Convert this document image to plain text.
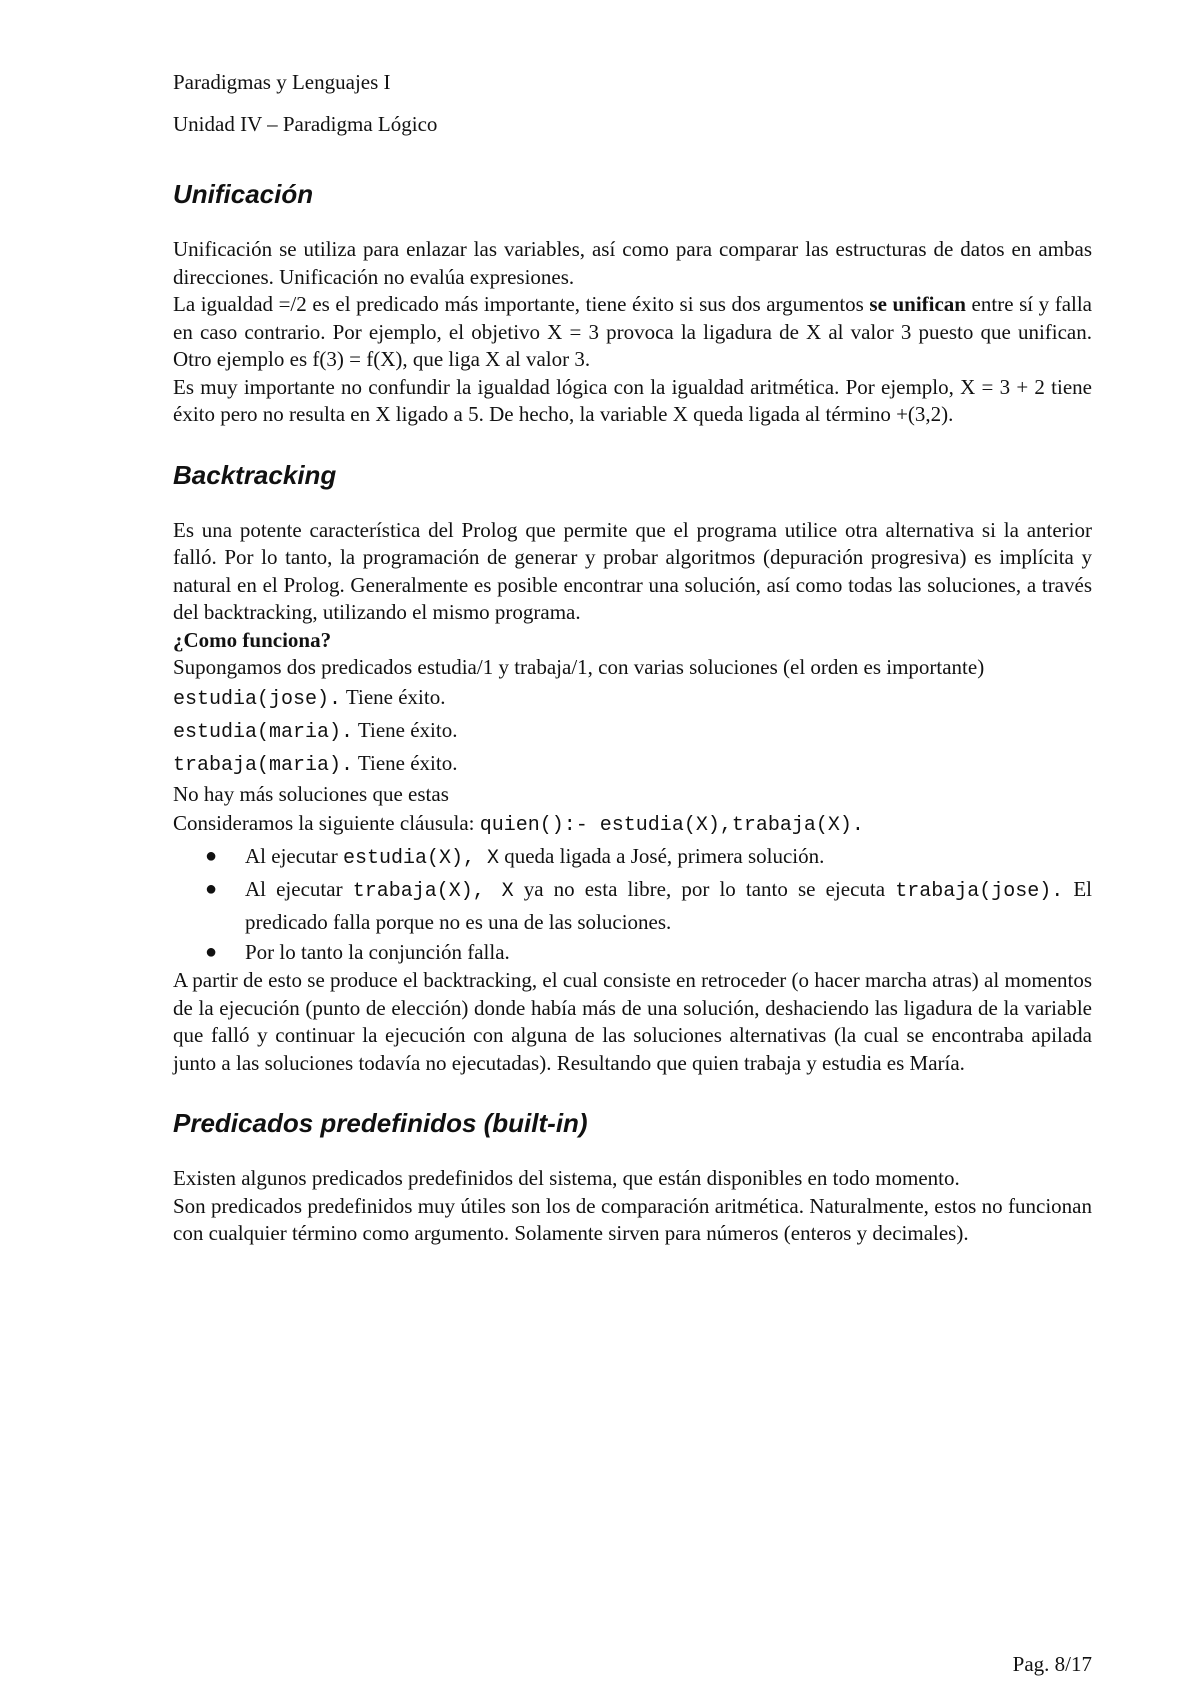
Paradigmas y Lenguajes I

Unidad IV – Paradigma Lógico

Unificación

Unificación se utiliza para enlazar las variables, así como para comparar las estructuras de datos en ambas direcciones. Unificación no evalúa expresiones.

La igualdad =/2 es el predicado más importante, tiene éxito si sus dos argumentos se unifican entre sí y falla en caso contrario. Por ejemplo, el objetivo X = 3 provoca la ligadura de X al valor 3 puesto que unifican. Otro ejemplo es f(3) = f(X), que liga X al valor 3.

Es muy importante no confundir la igualdad lógica con la igualdad aritmética. Por ejemplo, X = 3 + 2 tiene éxito pero no resulta en X ligado a 5. De hecho, la variable X queda ligada al término +(3,2).

Backtracking

Es una potente característica del Prolog que permite que el programa utilice otra alternativa si la anterior falló. Por lo tanto, la programación de generar y probar algoritmos (depuración progresiva) es implícita y natural en el Prolog. Generalmente es posible encontrar una solución, así como todas las soluciones, a través del backtracking, utilizando el mismo programa.

¿Como funciona?

Supongamos dos predicados estudia/1 y trabaja/1, con varias soluciones (el orden es importante)

estudia(jose). Tiene éxito.

estudia(maria). Tiene éxito.

trabaja(maria). Tiene éxito.

No hay más soluciones que estas

Consideramos la siguiente cláusula: quien():- estudia(X),trabaja(X).

● Al ejecutar estudia(X), X queda ligada a José, primera solución.
● Al ejecutar trabaja(X), X ya no esta libre, por lo tanto se ejecuta trabaja(jose). El predicado falla porque no es una de las soluciones.
● Por lo tanto la conjunción falla.

A partir de esto se produce el backtracking, el cual consiste en retroceder (o hacer marcha atras) al momentos de la ejecución (punto de elección) donde había más de una solución, deshaciendo las ligadura de la variable que falló y continuar la ejecución con alguna de las soluciones alternativas (la cual se encontraba apilada junto a las soluciones todavía no ejecutadas). Resultando que quien trabaja y estudia es María.

Predicados predefinidos (built-in)

Existen algunos predicados predefinidos del sistema, que están disponibles en todo momento.

Son predicados predefinidos muy útiles son los de comparación aritmética. Naturalmente, estos no funcionan con cualquier término como argumento. Solamente sirven para números (enteros y decimales).

Pag. 8/17
